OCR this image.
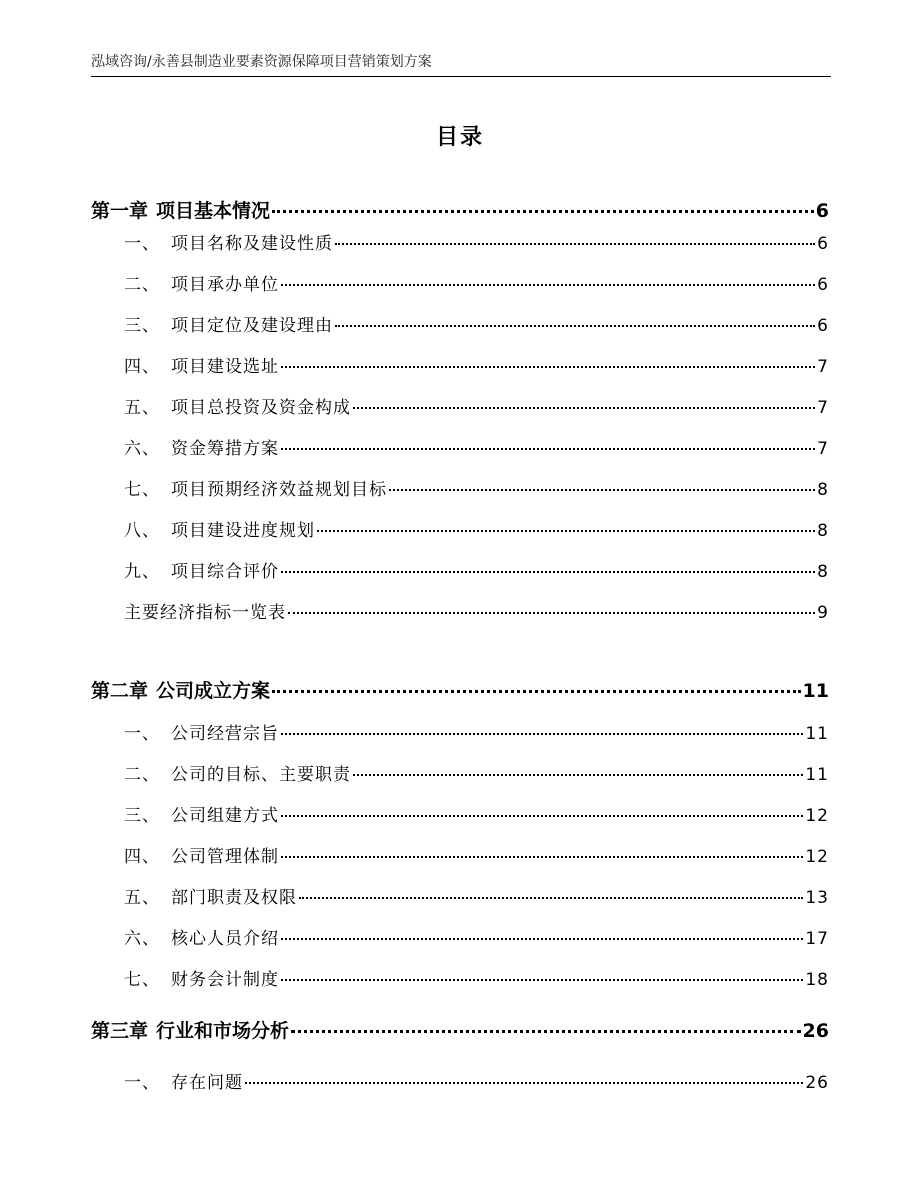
泓域咨询/永善县制造业要素资源保障项目营销策划方案
目录
第一章 项目基本情况	6
一、 项目名称及建设性质	6
二、 项目承办单位	6
三、 项目定位及建设理由	6
四、 项目建设选址	7
五、 项目总投资及资金构成	7
六、 资金筹措方案	7
七、 项目预期经济效益规划目标	8
八、 项目建设进度规划	8
九、 项目综合评价	8
主要经济指标一览表	9
第二章 公司成立方案	11
一、 公司经营宗旨	11
二、 公司的目标、主要职责	11
三、 公司组建方式	12
四、 公司管理体制	12
五、 部门职责及权限	13
六、 核心人员介绍	17
七、 财务会计制度	18
第三章 行业和市场分析	26
一、 存在问题	26
